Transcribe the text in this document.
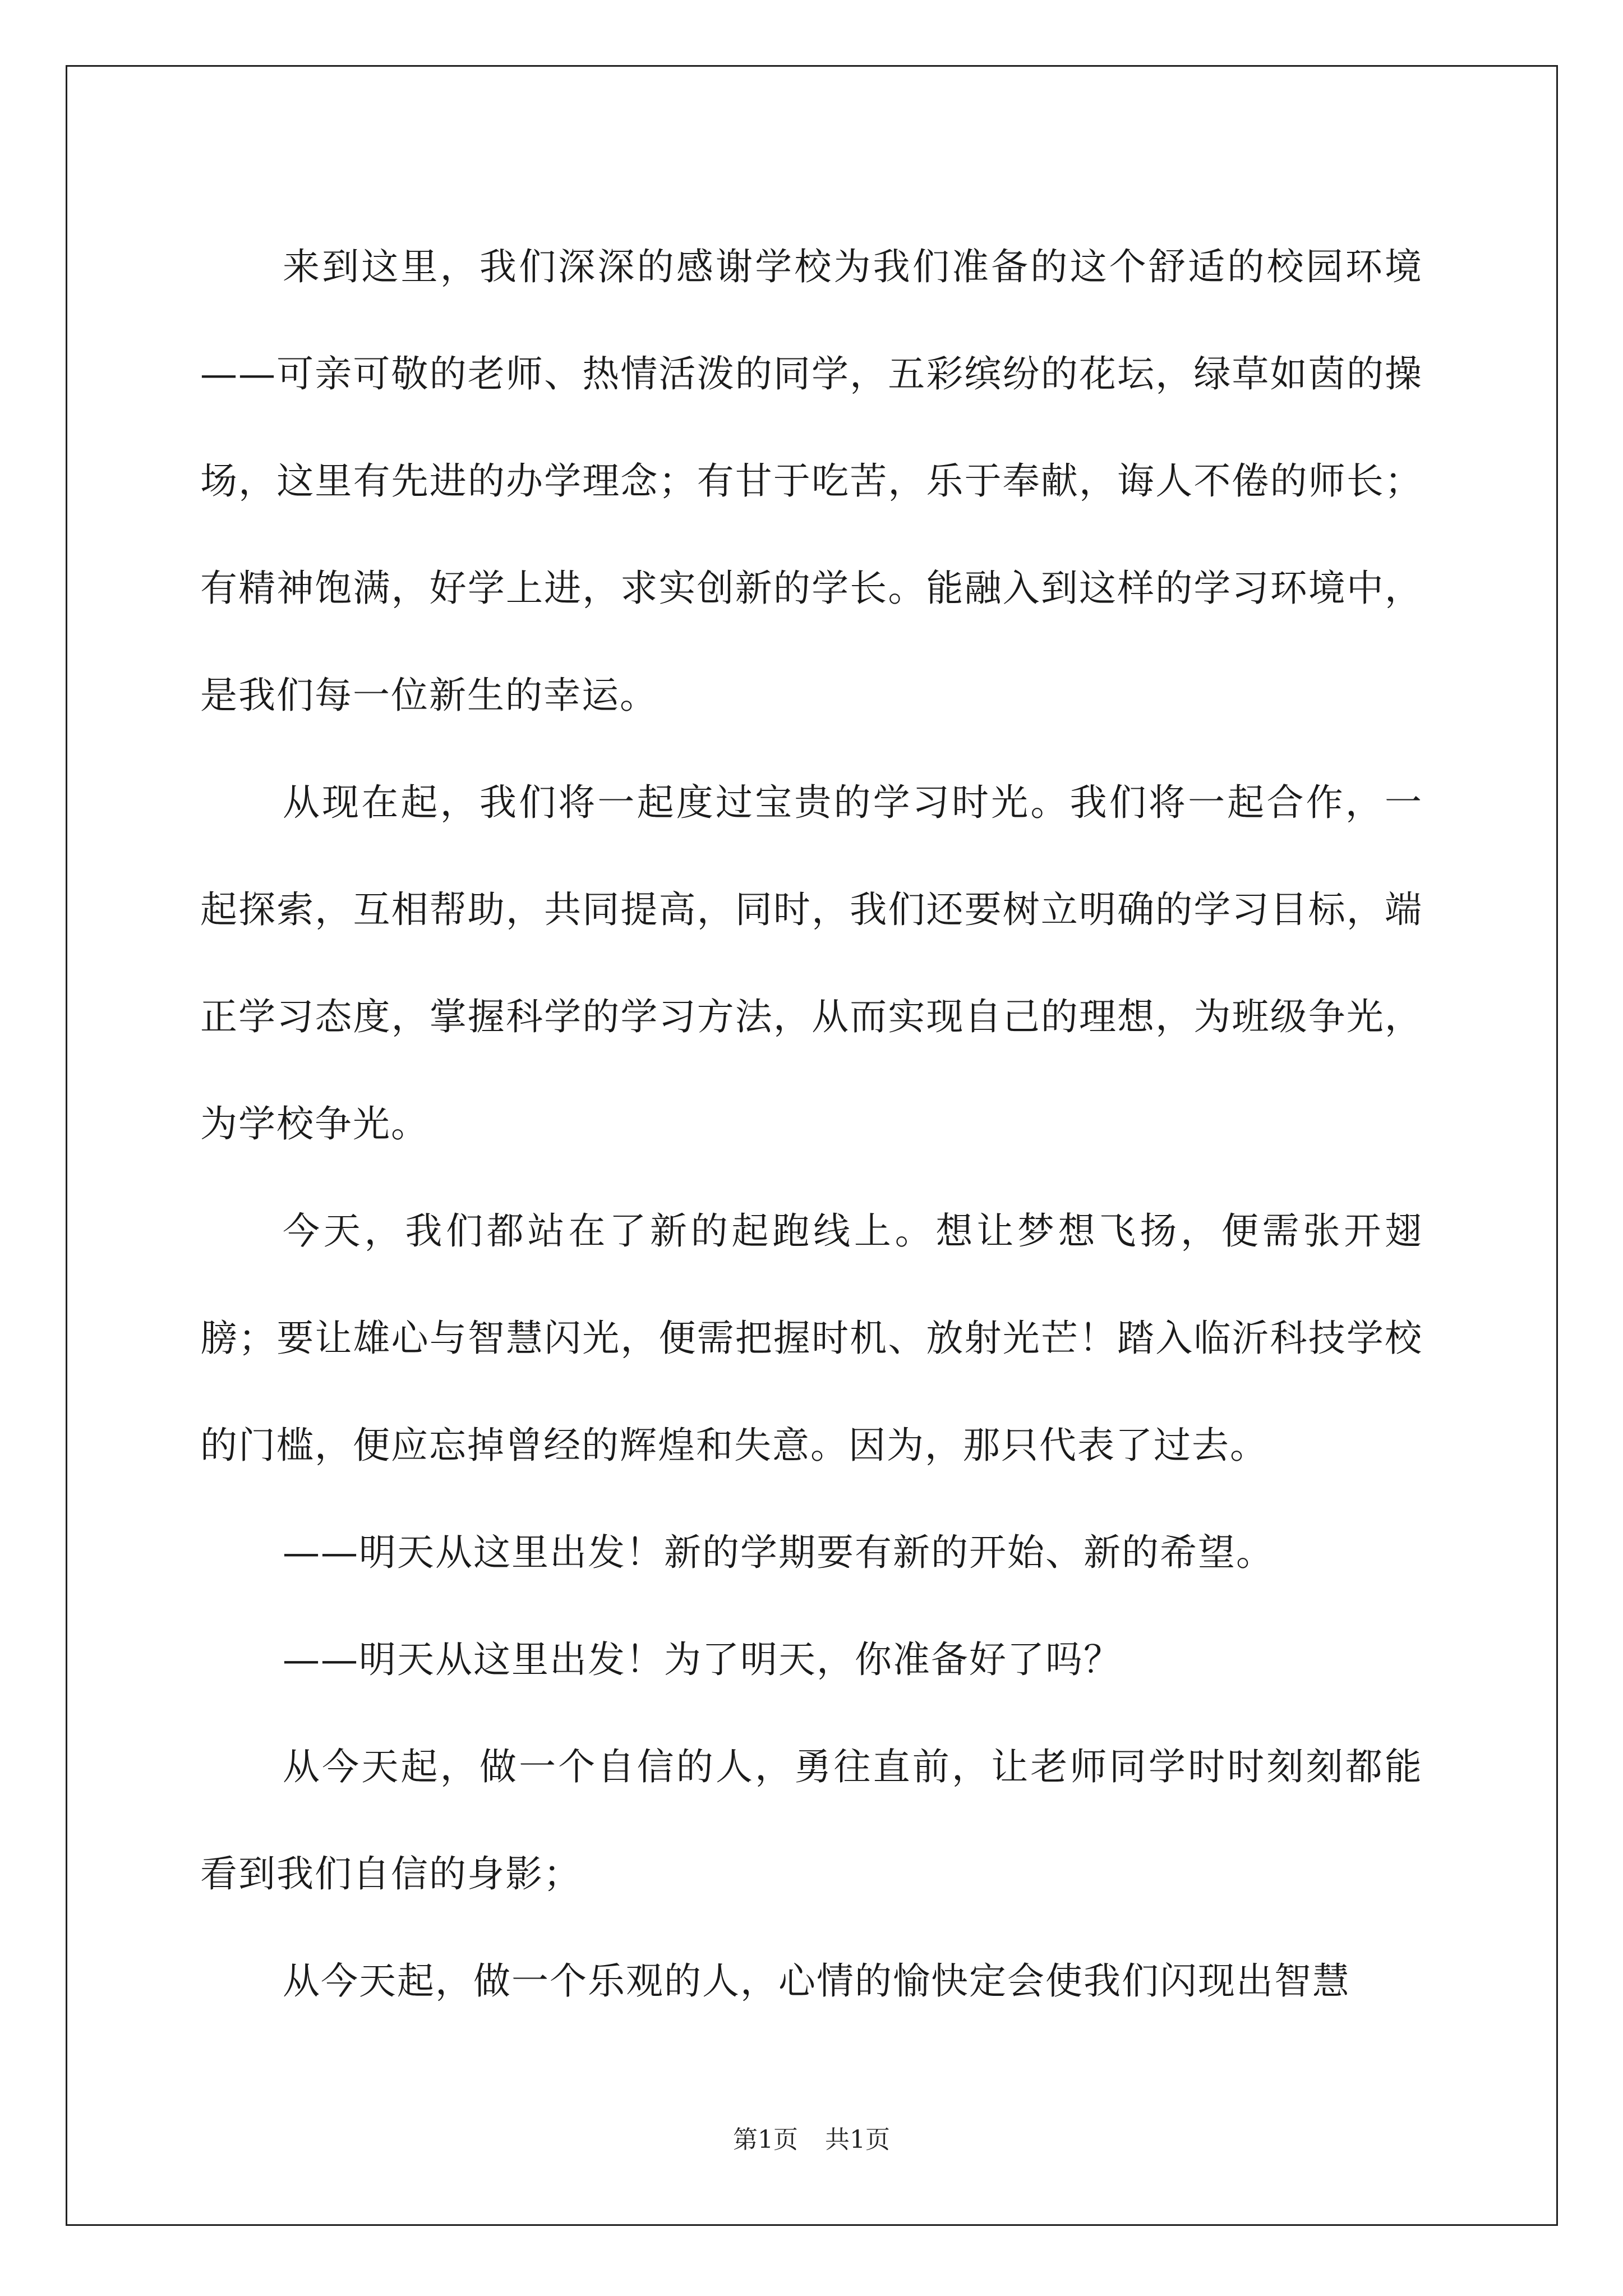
来到这里，我们深深的感谢学校为我们准备的这个舒适的校园环境——可亲可敬的老师、热情活泼的同学，五彩缤纷的花坛，绿草如茵的操场，这里有先进的办学理念；有甘于吃苦，乐于奉献，诲人不倦的师长；有精神饱满，好学上进，求实创新的学长。能融入到这样的学习环境中，是我们每一位新生的幸运。

从现在起，我们将一起度过宝贵的学习时光。我们将一起合作，一起探索，互相帮助，共同提高，同时，我们还要树立明确的学习目标，端正学习态度，掌握科学的学习方法，从而实现自己的理想，为班级争光，为学校争光。

今天，我们都站在了新的起跑线上。想让梦想飞扬，便需张开翅膀；要让雄心与智慧闪光，便需把握时机、放射光芒！踏入临沂科技学校的门槛，便应忘掉曾经的辉煌和失意。因为，那只代表了过去。

——明天从这里出发！新的学期要有新的开始、新的希望。

——明天从这里出发！为了明天，你准备好了吗？

从今天起，做一个自信的人，勇往直前，让老师同学时时刻刻都能看到我们自信的身影；

从今天起，做一个乐观的人，心情的愉快定会使我们闪现出智慧

第1页 共1页
